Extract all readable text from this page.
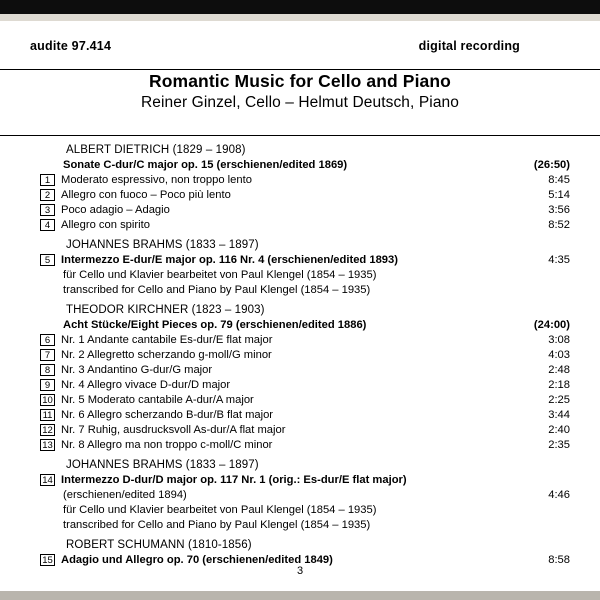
audite 97.414	digital recording
Romantic Music for Cello and Piano
Reiner Ginzel, Cello – Helmut Deutsch, Piano
ALBERT DIETRICH (1829 – 1908)
Sonate C-dur/C major op. 15 (erschienen/edited 1869)	(26:50)
1 Moderato espressivo, non troppo lento	8:45
2 Allegro con fuoco – Poco più lento	5:14
3 Poco adagio – Adagio	3:56
4 Allegro con spirito	8:52
JOHANNES BRAHMS (1833 – 1897)
5 Intermezzo E-dur/E major op. 116 Nr. 4 (erschienen/edited 1893)	4:35
für Cello und Klavier bearbeitet von Paul Klengel (1854 – 1935)
transcribed for Cello and Piano by Paul Klengel (1854 – 1935)
THEODOR KIRCHNER (1823 – 1903)
Acht Stücke/Eight Pieces op. 79 (erschienen/edited 1886)	(24:00)
6 Nr. 1 Andante cantabile Es-dur/E flat major	3:08
7 Nr. 2 Allegretto scherzando g-moll/G minor	4:03
8 Nr. 3 Andantino G-dur/G major	2:48
9 Nr. 4 Allegro vivace D-dur/D major	2:18
10 Nr. 5 Moderato cantabile A-dur/A major	2:25
11 Nr. 6 Allegro scherzando B-dur/B flat major	3:44
12 Nr. 7 Ruhig, ausdrucksvoll As-dur/A flat major	2:40
13 Nr. 8 Allegro ma non troppo c-moll/C minor	2:35
JOHANNES BRAHMS (1833 – 1897)
14 Intermezzo D-dur/D major op. 117 Nr. 1 (orig.: Es-dur/E flat major)
(erschienen/edited 1894)	4:46
für Cello und Klavier bearbeitet von Paul Klengel (1854 – 1935)
transcribed for Cello and Piano by Paul Klengel (1854 – 1935)
ROBERT SCHUMANN (1810-1856)
15 Adagio und Allegro op. 70 (erschienen/edited 1849)	8:58
3
